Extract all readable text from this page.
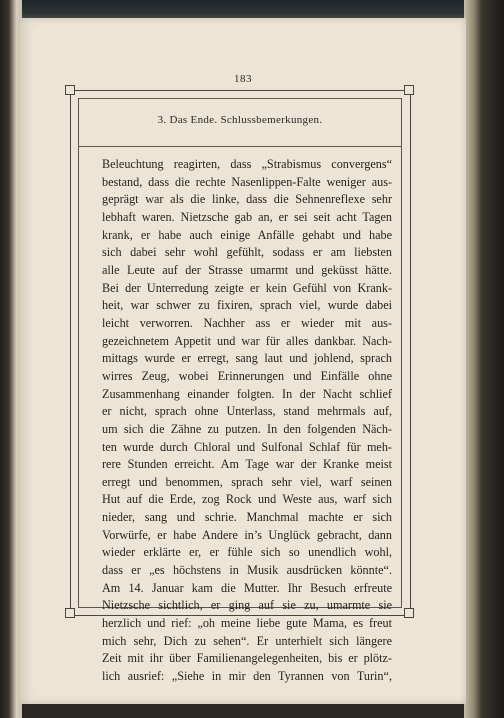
183
3. Das Ende. Schlussbemerkungen.
Beleuchtung reagirten, dass „Strabismus convergens“
bestand, dass die rechte Nasenlippen-Falte weniger aus-
geprägt war als die linke, dass die Sehnenreflexe sehr
lebhaft waren. Nietzsche gab an, er sei seit acht Tagen
krank, er habe auch einige Anfälle gehabt und habe
sich dabei sehr wohl gefühlt, sodass er am liebsten
alle Leute auf der Strasse umarmt und geküsst hätte.
Bei der Unterredung zeigte er kein Gefühl von Krank-
heit, war schwer zu fixiren, sprach viel, wurde dabei
leicht verworren. Nachher ass er wieder mit aus-
gezeichnetem Appetit und war für alles dankbar. Nach-
mittags wurde er erregt, sang laut und johlend, sprach
wirres Zeug, wobei Erinnerungen und Einfälle ohne
Zusammenhang einander folgten. In der Nacht schlief
er nicht, sprach ohne Unterlass, stand mehrmals auf,
um sich die Zähne zu putzen. In den folgenden Näch-
ten wurde durch Chloral und Sulfonal Schlaf für meh-
rere Stunden erreicht. Am Tage war der Kranke meist
erregt und benommen, sprach sehr viel, warf seinen
Hut auf die Erde, zog Rock und Weste aus, warf sich
nieder, sang und schrie. Manchmal machte er sich
Vorwürfe, er habe Andere in’s Unglück gebracht, dann
wieder erklärte er, er fühle sich so unendlich wohl,
dass er „es höchstens in Musik ausdrücken könnte“.
Am 14. Januar kam die Mutter. Ihr Besuch erfreute
Nietzsche sichtlich, er ging auf sie zu, umarmte sie
herzlich und rief: „oh meine liebe gute Mama, es freut
mich sehr, Dich zu sehen“. Er unterhielt sich längere
Zeit mit ihr über Familienangelegenheiten, bis er plötz-
lich ausrief: „Siehe in mir den Tyrannen von Turin“,
